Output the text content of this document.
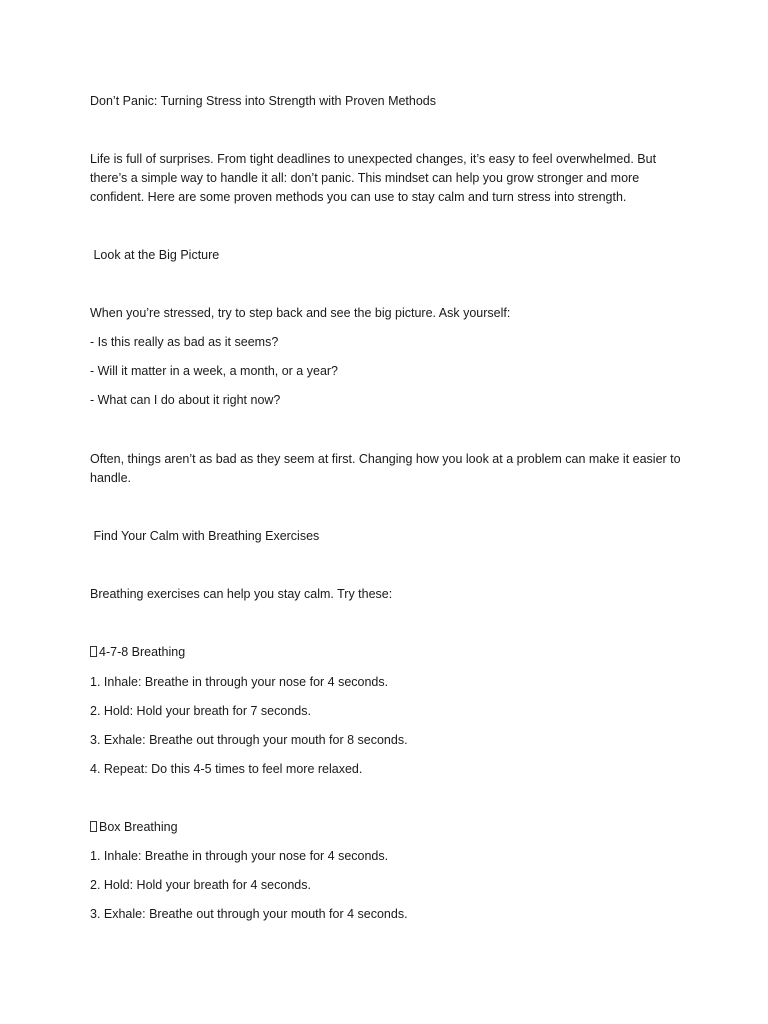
Don’t Panic: Turning Stress into Strength with Proven Methods

Life is full of surprises. From tight deadlines to unexpected changes, it’s easy to feel overwhelmed. But there’s a simple way to handle it all: don’t panic. This mindset can help you grow stronger and more confident. Here are some proven methods you can use to stay calm and turn stress into strength.

Look at the Big Picture

When you’re stressed, try to step back and see the big picture. Ask yourself:

- Is this really as bad as it seems?

- Will it matter in a week, a month, or a year?

- What can I do about it right now?

Often, things aren’t as bad as they seem at first. Changing how you look at a problem can make it easier to handle.

Find Your Calm with Breathing Exercises

Breathing exercises can help you stay calm. Try these:

4-7-8 Breathing

1. Inhale: Breathe in through your nose for 4 seconds.

2. Hold: Hold your breath for 7 seconds.

3. Exhale: Breathe out through your mouth for 8 seconds.

4. Repeat: Do this 4-5 times to feel more relaxed.

Box Breathing

1. Inhale: Breathe in through your nose for 4 seconds.

2. Hold: Hold your breath for 4 seconds.

3. Exhale: Breathe out through your mouth for 4 seconds.
